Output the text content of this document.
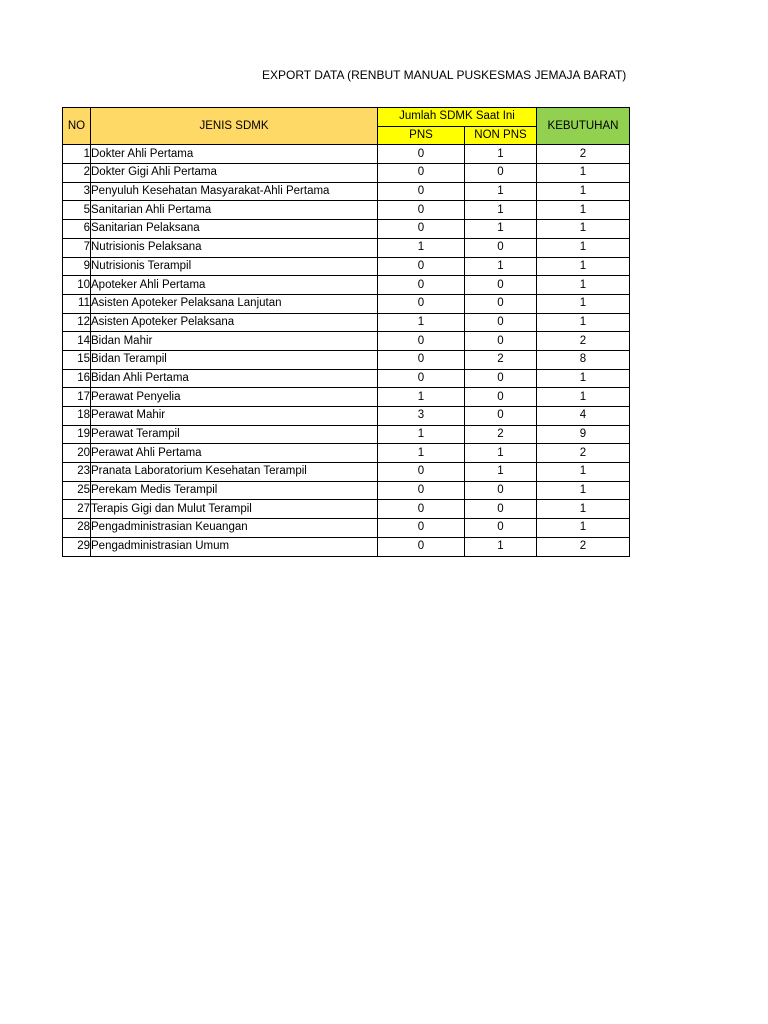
EXPORT DATA (RENBUT MANUAL PUSKESMAS JEMAJA BARAT)
NO	JENIS SDMK	Jumlah SDMK Saat Ini		KEBUTUHAN
		PNS	NON PNS	
1	Dokter Ahli Pertama	0	1	2
2	Dokter Gigi Ahli Pertama	0	0	1
3	Penyuluh Kesehatan Masyarakat-Ahli Pertama	0	1	1
5	Sanitarian Ahli Pertama	0	1	1
6	Sanitarian Pelaksana	0	1	1
7	Nutrisionis Pelaksana	1	0	1
9	Nutrisionis Terampil	0	1	1
10	Apoteker Ahli Pertama	0	0	1
11	Asisten Apoteker Pelaksana Lanjutan	0	0	1
12	Asisten Apoteker Pelaksana	1	0	1
14	Bidan Mahir	0	0	2
15	Bidan Terampil	0	2	8
16	Bidan Ahli Pertama	0	0	1
17	Perawat Penyelia	1	0	1
18	Perawat Mahir	3	0	4
19	Perawat Terampil	1	2	9
20	Perawat Ahli Pertama	1	1	2
23	Pranata Laboratorium Kesehatan Terampil	0	1	1
25	Perekam Medis Terampil	0	0	1
27	Terapis Gigi dan Mulut Terampil	0	0	1
28	Pengadministrasian Keuangan	0	0	1
29	Pengadministrasian Umum	0	1	2
